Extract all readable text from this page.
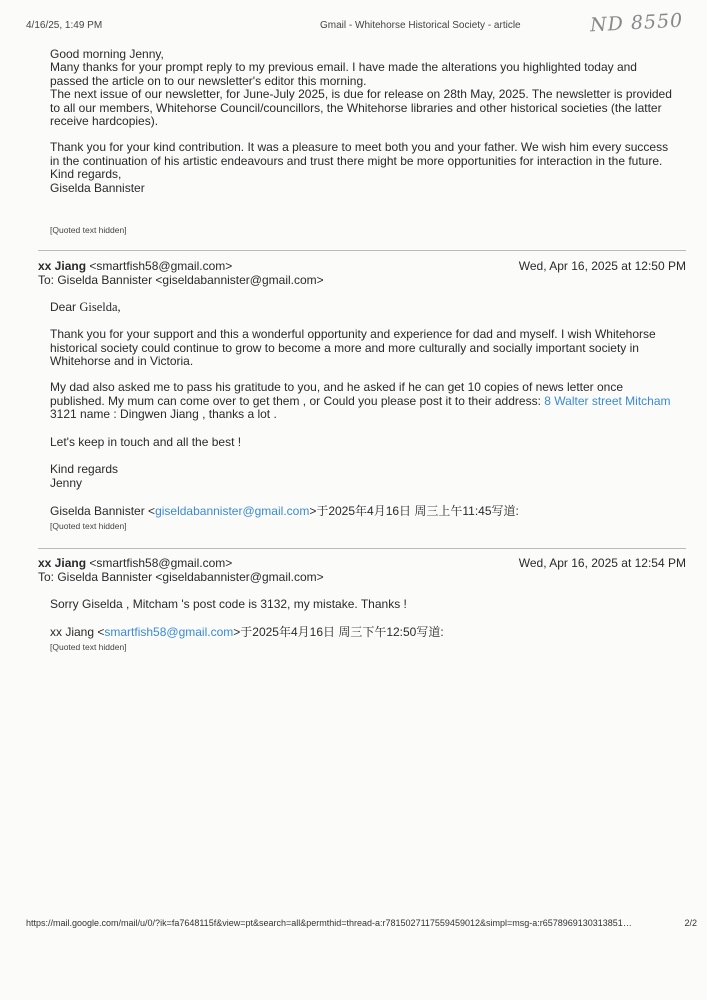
4/16/25, 1:49 PM	Gmail - Whitehorse Historical Society - article	ND 8550
Good morning Jenny,
Many thanks for your prompt reply to my previous email. I have made the alterations you highlighted today and passed the article on to our newsletter's editor this morning.
The next issue of our newsletter, for June-July 2025, is due for release on 28th May, 2025. The newsletter is provided to all our members, Whitehorse Council/councillors, the Whitehorse libraries and other historical societies (the latter receive hardcopies).
Thank you for your kind contribution. It was a pleasure to meet both you and your father. We wish him every success in the continuation of his artistic endeavours and trust there might be more opportunities for interaction in the future.
Kind regards,
Giselda Bannister
[Quoted text hidden]
xx Jiang <smartfish58@gmail.com>	Wed, Apr 16, 2025 at 12:50 PM
To: Giselda Bannister <giseldabannister@gmail.com>
Dear Giselda,
Thank you for your support and this a wonderful opportunity and experience for dad and myself. I wish Whitehorse historical society could continue to grow to become a more and more culturally and socially important society in Whitehorse and in Victoria.
My dad also asked me to pass his gratitude to you, and he asked if he can get 10 copies of news letter once published. My mum can come over to get them , or Could you please post it to their address: 8 Walter street Mitcham 3121 name : Dingwen Jiang , thanks a lot .
Let's keep in touch and all the best !
Kind regards
Jenny
Giselda Bannister <giseldabannister@gmail.com>于2025年4月16日 周三上午11:45写道:
[Quoted text hidden]
xx Jiang <smartfish58@gmail.com>	Wed, Apr 16, 2025 at 12:54 PM
To: Giselda Bannister <giseldabannister@gmail.com>
Sorry Giselda , Mitcham 's post code is 3132, my mistake. Thanks !
xx Jiang <smartfish58@gmail.com>于2025年4月16日 周三下午12:50写道:
[Quoted text hidden]
https://mail.google.com/mail/u/0/?ik=fa7648115f&view=pt&search=all&permthid=thread-a:r7815027117559459012&simpl=msg-a:r6578969130313851…	2/2
